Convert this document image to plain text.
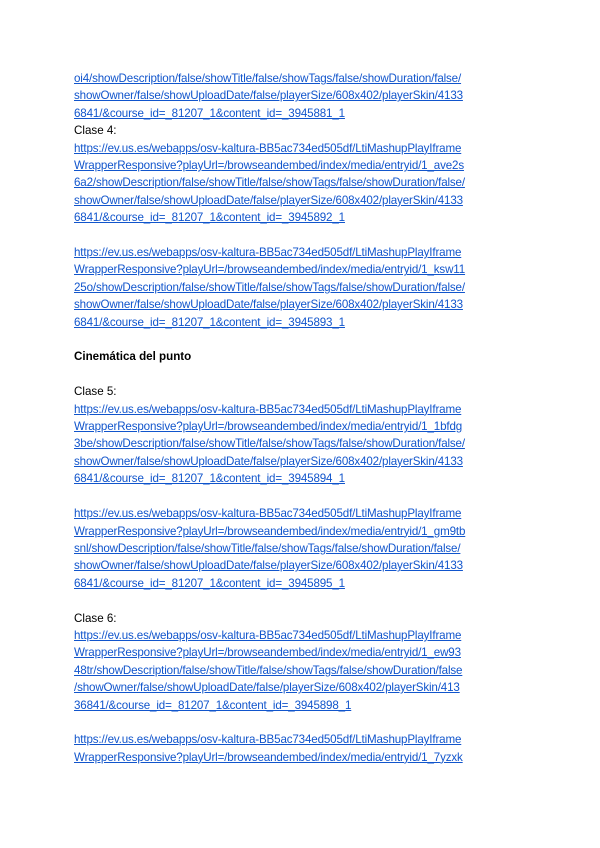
oi4/showDescription/false/showTitle/false/showTags/false/showDuration/false/
showOwner/false/showUploadDate/false/playerSize/608x402/playerSkin/4133
6841/&course_id=_81207_1&content_id=_3945881_1
Clase 4:
https://ev.us.es/webapps/osv-kaltura-BB5ac734ed505df/LtiMashupPlayIframe
WrapperResponsive?playUrl=/browseandembed/index/media/entryid/1_ave2s
6a2/showDescription/false/showTitle/false/showTags/false/showDuration/false/
showOwner/false/showUploadDate/false/playerSize/608x402/playerSkin/4133
6841/&course_id=_81207_1&content_id=_3945892_1
https://ev.us.es/webapps/osv-kaltura-BB5ac734ed505df/LtiMashupPlayIframe
WrapperResponsive?playUrl=/browseandembed/index/media/entryid/1_ksw11
25o/showDescription/false/showTitle/false/showTags/false/showDuration/false/
showOwner/false/showUploadDate/false/playerSize/608x402/playerSkin/4133
6841/&course_id=_81207_1&content_id=_3945893_1
Cinemática del punto
Clase 5:
https://ev.us.es/webapps/osv-kaltura-BB5ac734ed505df/LtiMashupPlayIframe
WrapperResponsive?playUrl=/browseandembed/index/media/entryid/1_1bfdg
3be/showDescription/false/showTitle/false/showTags/false/showDuration/false/
showOwner/false/showUploadDate/false/playerSize/608x402/playerSkin/4133
6841/&course_id=_81207_1&content_id=_3945894_1
https://ev.us.es/webapps/osv-kaltura-BB5ac734ed505df/LtiMashupPlayIframe
WrapperResponsive?playUrl=/browseandembed/index/media/entryid/1_gm9tb
snl/showDescription/false/showTitle/false/showTags/false/showDuration/false/
showOwner/false/showUploadDate/false/playerSize/608x402/playerSkin/4133
6841/&course_id=_81207_1&content_id=_3945895_1
Clase 6:
https://ev.us.es/webapps/osv-kaltura-BB5ac734ed505df/LtiMashupPlayIframe
WrapperResponsive?playUrl=/browseandembed/index/media/entryid/1_ew93
48tr/showDescription/false/showTitle/false/showTags/false/showDuration/false
/showOwner/false/showUploadDate/false/playerSize/608x402/playerSkin/413
36841/&course_id=_81207_1&content_id=_3945898_1
https://ev.us.es/webapps/osv-kaltura-BB5ac734ed505df/LtiMashupPlayIframe
WrapperResponsive?playUrl=/browseandembed/index/media/entryid/1_7yzxk
